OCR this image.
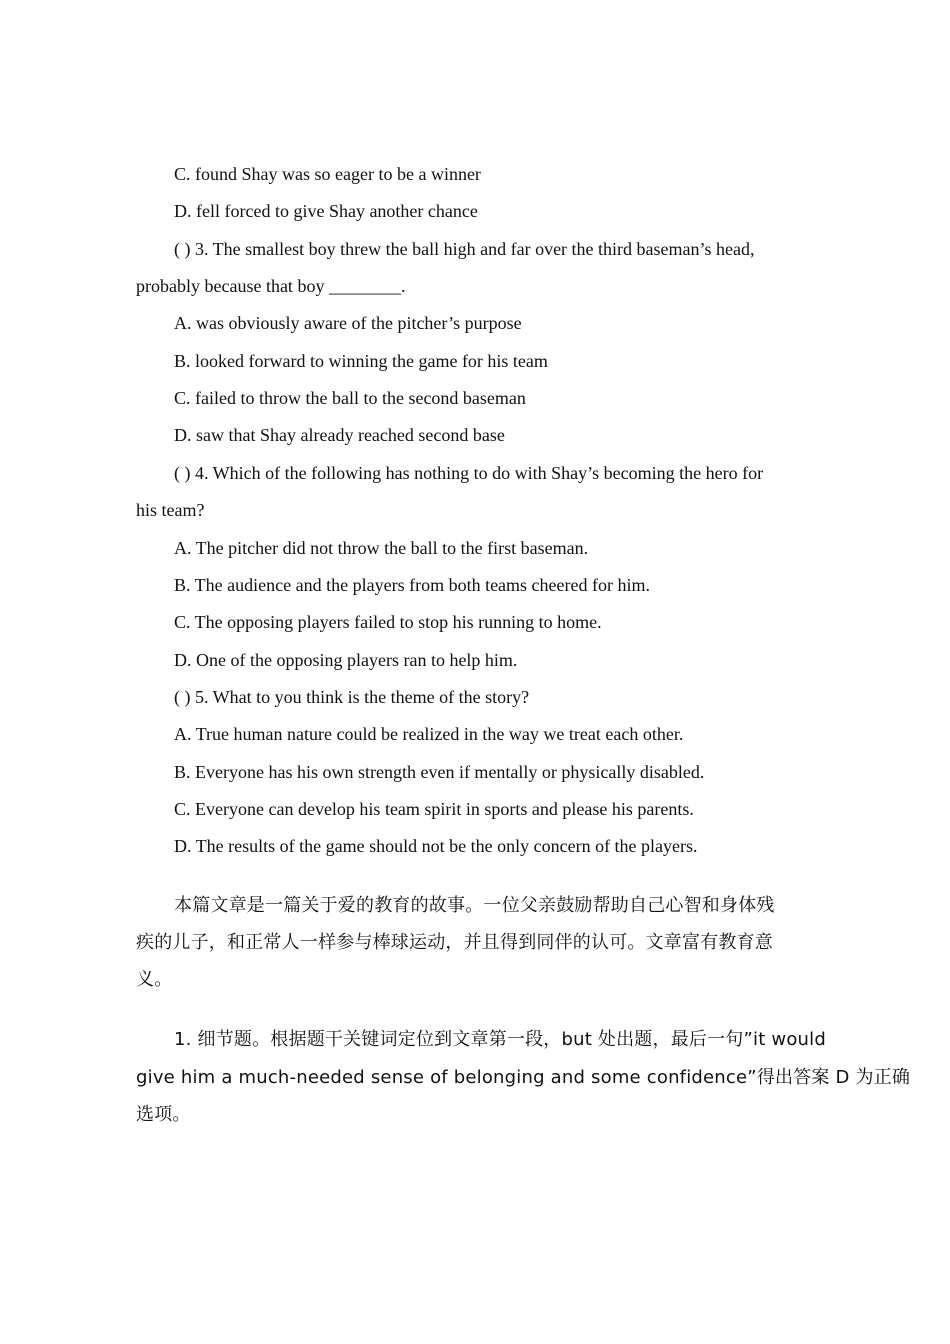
C. found Shay was so eager to be a winner
D. fell forced to give Shay another chance
( ) 3. The smallest boy threw the ball high and far over the third baseman’s head,
probably because that boy ________.
A. was obviously aware of the pitcher’s purpose
B. looked forward to winning the game for his team
C. failed to throw the ball to the second baseman
D. saw that Shay already reached second base
( ) 4. Which of the following has nothing to do with Shay’s becoming the hero for
his team?
A. The pitcher did not throw the ball to the first baseman.
B. The audience and the players from both teams cheered for him.
C. The opposing players failed to stop his running to home.
D. One of the opposing players ran to help him.
( ) 5. What to you think is the theme of the story?
A. True human nature could be realized in the way we treat each other.
B. Everyone has his own strength even if mentally or physically disabled.
C. Everyone can develop his team spirit in sports and please his parents.
D. The results of the game should not be the only concern of the players.
本篇文章是一篇关于爱的教育的故事。一位父亲鼓励帮助自己心智和身体残
疾的儿子，和正常人一样参与棒球运动，并且得到同伴的认可。文章富有教育意
义。
1. 细节题。根据题干关键词定位到文章第一段，but 处出题，最后一句”it would
give him a much-needed sense of belonging and some confidence”得出答案 D 为正确
选项。
